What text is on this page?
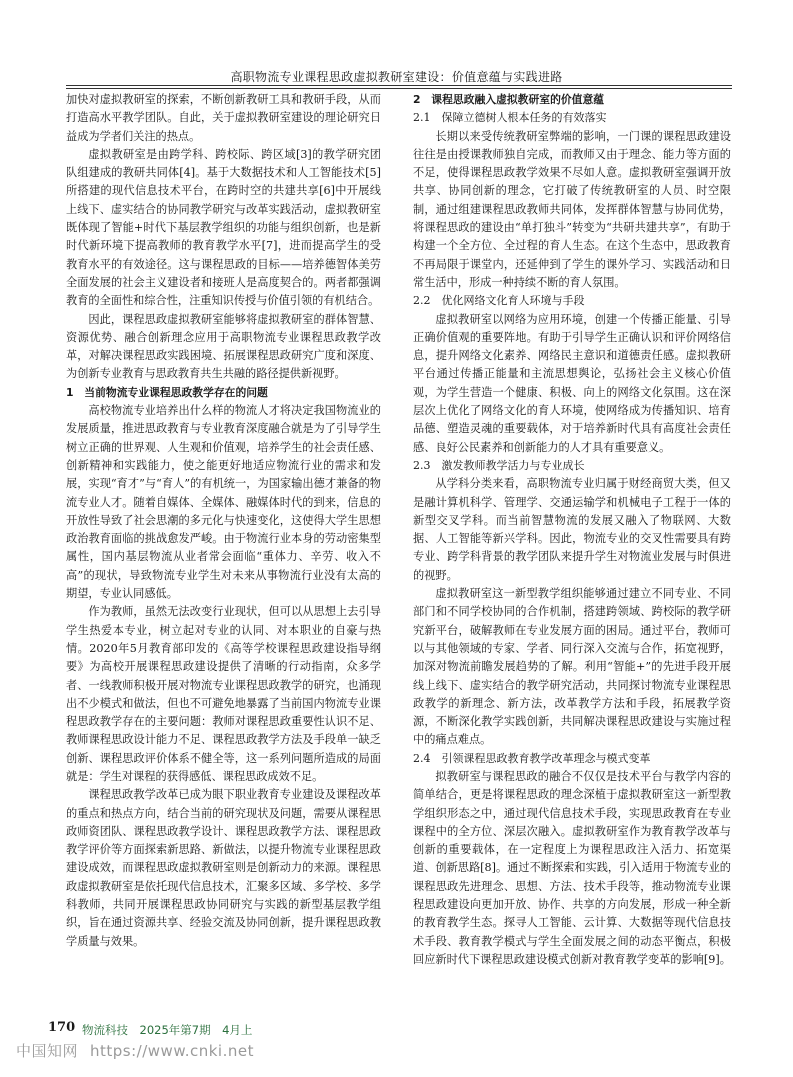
高职物流专业课程思政虚拟教研室建设：价值意蕴与实践进路

加快对虚拟教研室的探索，不断创新教研工具和教研手段，从而打造高水平教学团队。自此，关于虚拟教研室建设的理论研究日益成为学者们关注的热点。

虚拟教研室是由跨学科、跨校际、跨区域[3]的教学研究团队组建成的教研共同体[4]。基于大数据技术和人工智能技术[5]所搭建的现代信息技术平台，在跨时空的共建共享[6]中开展线上线下、虚实结合的协同教学研究与改革实践活动，虚拟教研室既体现了智能+时代下基层教学组织的功能与组织创新，也是新时代新环境下提高教师的教育教学水平[7]，进而提高学生的受教育水平的有效途径。这与课程思政的目标——培养德智体美劳全面发展的社会主义建设者和接班人是高度契合的。两者都强调教育的全面性和综合性，注重知识传授与价值引领的有机结合。

因此，课程思政虚拟教研室能够将虚拟教研室的群体智慧、资源优势、融合创新理念应用于高职物流专业课程思政教学改革，对解决课程思政实践困境、拓展课程思政研究广度和深度、为创新专业教育与思政教育共生共融的路径提供新视野。

1　当前物流专业课程思政教学存在的问题

高校物流专业培养出什么样的物流人才将决定我国物流业的发展质量，推进思政教育与专业教育深度融合就是为了引导学生树立正确的世界观、人生观和价值观，培养学生的社会责任感、创新精神和实践能力，使之能更好地适应物流行业的需求和发展，实现“育才”与“育人”的有机统一，为国家输出德才兼备的物流专业人才。随着自媒体、全媒体、融媒体时代的到来，信息的开放性导致了社会思潮的多元化与快速变化，这使得大学生思想政治教育面临的挑战愈发严峻。由于物流行业本身的劳动密集型属性，国内基层物流从业者常会面临“重体力、辛劳、收入不高”的现状，导致物流专业学生对未来从事物流行业没有太高的期望，专业认同感低。

作为教师，虽然无法改变行业现状，但可以从思想上去引导学生热爱本专业，树立起对专业的认同、对本职业的自豪与热情。2020年5月教育部印发的《高等学校课程思政建设指导纲要》为高校开展课程思政建设提供了清晰的行动指南，众多学者、一线教师积极开展对物流专业课程思政教学的研究，也涌现出不少模式和做法，但也不可避免地暴露了当前国内物流专业课程思政教学存在的主要问题：教师对课程思政重要性认识不足、教师课程思政设计能力不足、课程思政教学方法及手段单一缺乏创新、课程思政评价体系不健全等，这一系列问题所造成的局面就是：学生对课程的获得感低、课程思政成效不足。

课程思政教学改革已成为眼下职业教育专业建设及课程改革的重点和热点方向，结合当前的研究现状及问题，需要从课程思政师资团队、课程思政教学设计、课程思政教学方法、课程思政教学评价等方面探索新思路、新做法，以提升物流专业课程思政建设成效，而课程思政虚拟教研室则是创新动力的来源。课程思政虚拟教研室是依托现代信息技术，汇聚多区域、多学校、多学科教师，共同开展课程思政协同研究与实践的新型基层教学组织，旨在通过资源共享、经验交流及协同创新，提升课程思政教学质量与效果。

2　课程思政融入虚拟教研室的价值意蕴

2.1　保障立德树人根本任务的有效落实

长期以来受传统教研室弊端的影响，一门课的课程思政建设往往是由授课教师独自完成，而教师又由于理念、能力等方面的不足，使得课程思政教学效果不尽如人意。虚拟教研室强调开放共享、协同创新的理念，它打破了传统教研室的人员、时空限制，通过组建课程思政教师共同体，发挥群体智慧与协同优势，将课程思政的建设由“单打独斗”转变为“共研共建共享”，有助于构建一个全方位、全过程的育人生态。在这个生态中，思政教育不再局限于课堂内，还延伸到了学生的课外学习、实践活动和日常生活中，形成一种持续不断的育人氛围。

2.2　优化网络文化育人环境与手段

虚拟教研室以网络为应用环境，创建一个传播正能量、引导正确价值观的重要阵地。有助于引导学生正确认识和评价网络信息，提升网络文化素养、网络民主意识和道德责任感。虚拟教研平台通过传播正能量和主流思想舆论，弘扬社会主义核心价值观，为学生营造一个健康、积极、向上的网络文化氛围。这在深层次上优化了网络文化的育人环境，使网络成为传播知识、培育品德、塑造灵魂的重要载体，对于培养新时代具有高度社会责任感、良好公民素养和创新能力的人才具有重要意义。

2.3　激发教师教学活力与专业成长

从学科分类来看，高职物流专业归属于财经商贸大类，但又是融计算机科学、管理学、交通运输学和机械电子工程于一体的新型交叉学科。而当前智慧物流的发展又融入了物联网、大数据、人工智能等新兴学科。因此，物流专业的交叉性需要具有跨专业、跨学科背景的教学团队来提升学生对物流业发展与时俱进的视野。

虚拟教研室这一新型教学组织能够通过建立不同专业、不同部门和不同学校协同的合作机制，搭建跨领域、跨校际的教学研究新平台，破解教师在专业发展方面的困局。通过平台，教师可以与其他领域的专家、学者、同行深入交流与合作，拓宽视野，加深对物流前瞻发展趋势的了解。利用“智能+”的先进手段开展线上线下、虚实结合的教学研究活动，共同探讨物流专业课程思政教学的新理念、新方法，改革教学方法和手段，拓展教学资源，不断深化教学实践创新，共同解决课程思政建设与实施过程中的痛点难点。

2.4　引领课程思政教育教学改革理念与模式变革

拟教研室与课程思政的融合不仅仅是技术平台与教学内容的简单结合，更是将课程思政的理念深植于虚拟教研室这一新型教学组织形态之中，通过现代信息技术手段，实现思政教育在专业课程中的全方位、深层次融入。虚拟教研室作为教育教学改革与创新的重要载体，在一定程度上为课程思政注入活力、拓宽渠道、创新思路[8]。通过不断探索和实践，引入适用于物流专业的课程思政先进理念、思想、方法、技术手段等，推动物流专业课程思政建设向更加开放、协作、共享的方向发展，形成一种全新的教育教学生态。探寻人工智能、云计算、大数据等现代信息技术手段、教育教学模式与学生全面发展之间的动态平衡点，积极回应新时代下课程思政建设模式创新对教育教学变革的影响[9]。

170 物流科技　2025年第7期　4月上
中国知网 https://www.cnki.net
